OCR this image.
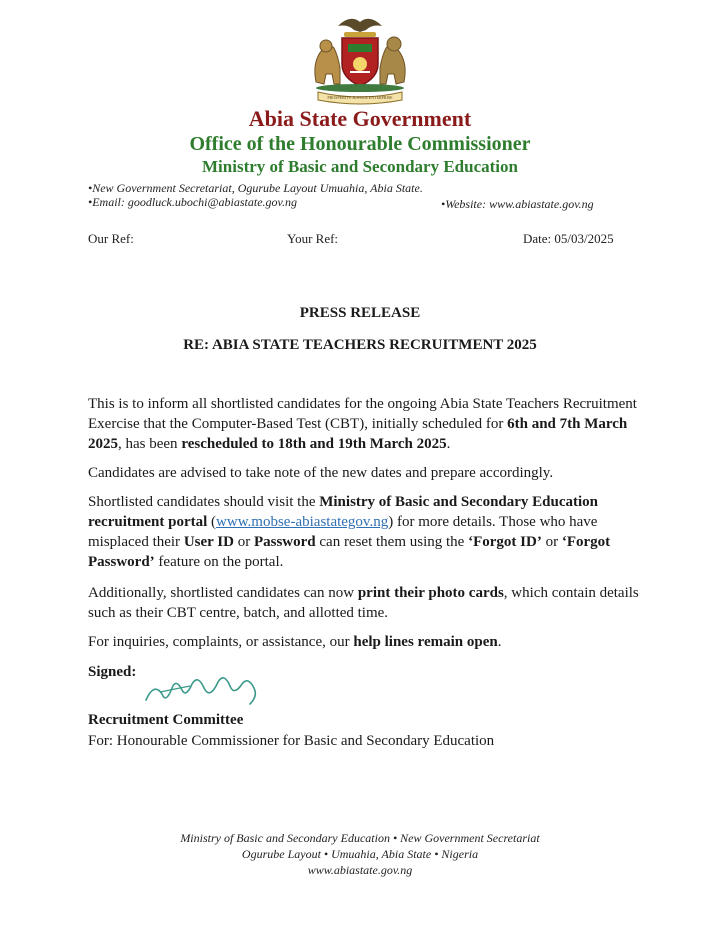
PROSPERITY JUSTICE ENTERPRISE
Abia State Government
Office of the Honourable Commissioner
Ministry of Basic and Secondary Education
•New Government Secretariat, Ogurube Layout Umuahia, Abia State.
•Email: goodluck.ubochi@abiastate.gov.ng	•Website: www.abiastate.gov.ng
Our Ref:	Your Ref:	Date: 05/03/2025
PRESS RELEASE
RE: ABIA STATE TEACHERS RECRUITMENT 2025
This is to inform all shortlisted candidates for the ongoing Abia State Teachers Recruitment Exercise that the Computer-Based Test (CBT), initially scheduled for 6th and 7th March 2025, has been rescheduled to 18th and 19th March 2025.
Candidates are advised to take note of the new dates and prepare accordingly.
Shortlisted candidates should visit the Ministry of Basic and Secondary Education recruitment portal (www.mobse-abiastategov.ng) for more details. Those who have misplaced their User ID or Password can reset them using the ‘Forgot ID’ or ‘Forgot Password’ feature on the portal.
Additionally, shortlisted candidates can now print their photo cards, which contain details such as their CBT centre, batch, and allotted time.
For inquiries, complaints, or assistance, our help lines remain open.
Signed:
Recruitment Committee
For: Honourable Commissioner for Basic and Secondary Education
Ministry of Basic and Secondary Education • New Government Secretariat
Ogurube Layout • Umuahia, Abia State • Nigeria
www.abiastate.gov.ng
